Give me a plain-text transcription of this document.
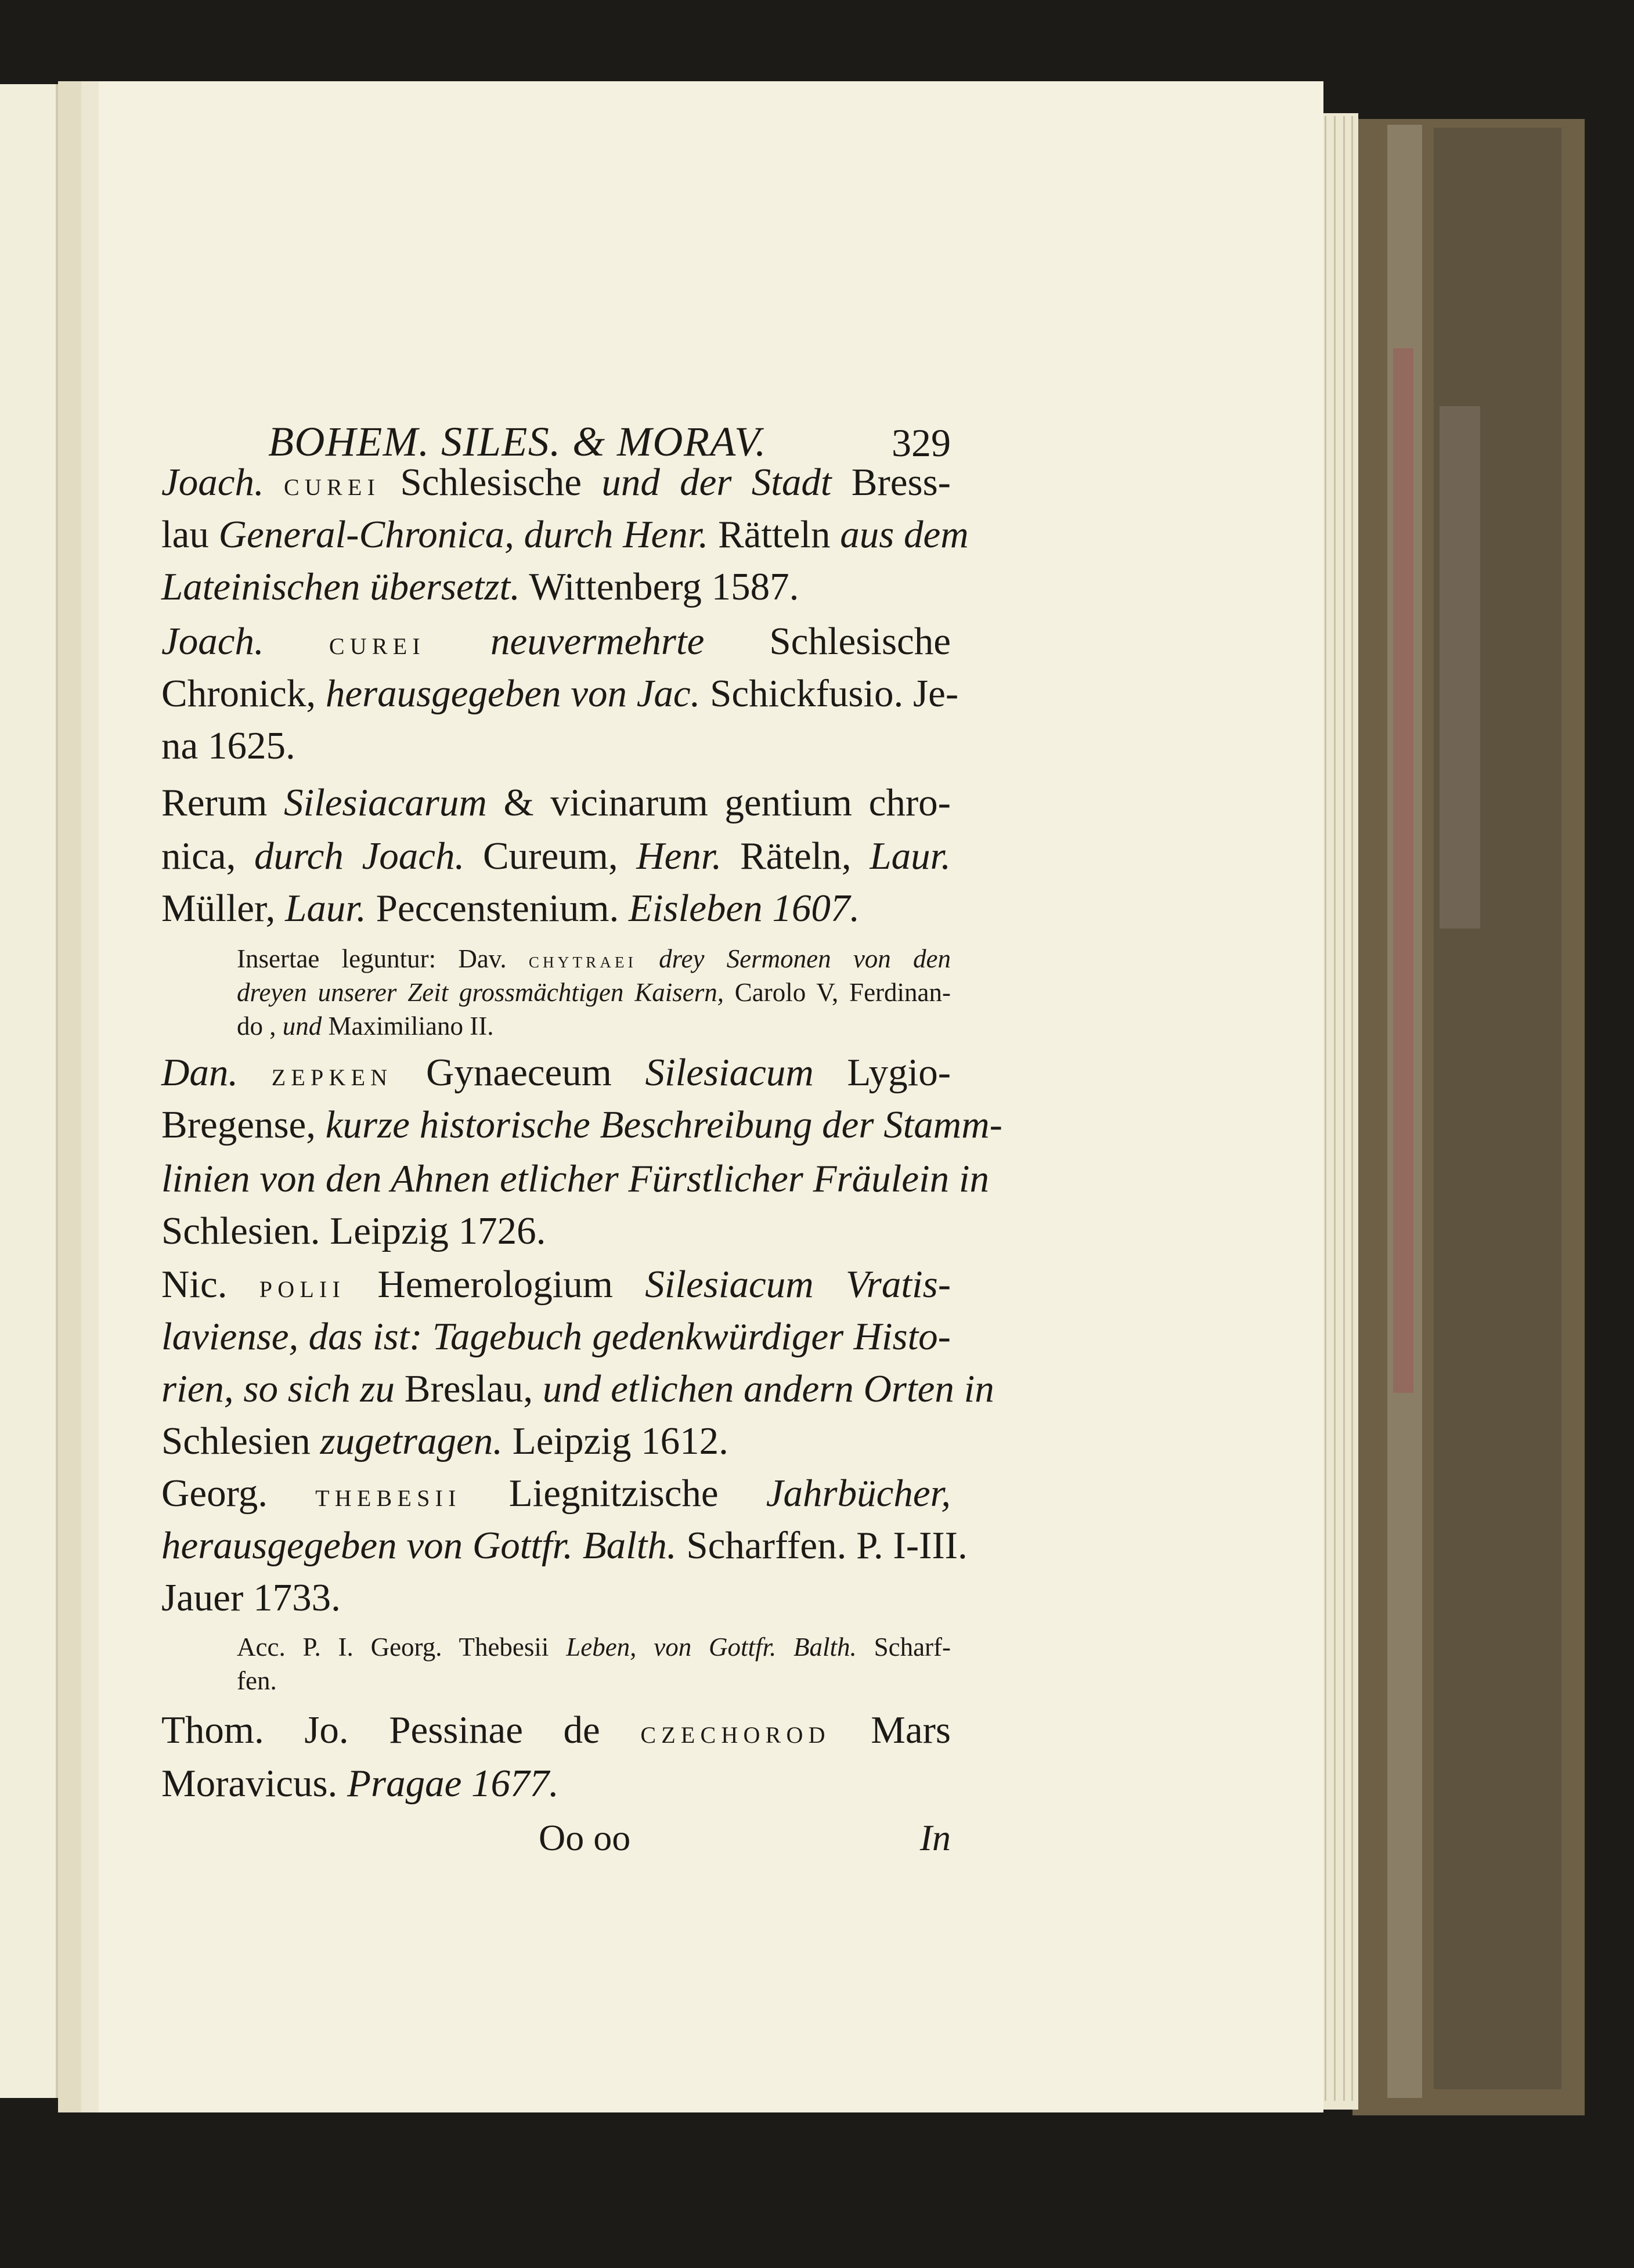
BOHEM. SILES. & MORAV.	329
Joach. curei Schlesische und der Stadt Bress-
lau General-Chronica, durch Henr. Rätteln aus dem
Lateinischen übersetzt. Wittenberg 1587.
Joach. curei neuvermehrte Schlesische
Chronick, herausgegeben von Jac. Schickfusio. Je-
na 1625.
Rerum Silesiacarum & vicinarum gentium chro-
nica, durch Joach. Cureum, Henr. Räteln, Laur.
Müller, Laur. Peccenstenium. Eisleben 1607.
Insertae leguntur: Dav. chytraei drey Sermonen von den
dreyen unserer Zeit grossmächtigen Kaisern, Carolo V, Ferdinan-
do , und Maximiliano II.
Dan. zepken Gynaeceum Silesiacum Lygio-
Bregense, kurze historische Beschreibung der Stamm-
linien von den Ahnen etlicher Fürstlicher Fräulein in
Schlesien. Leipzig 1726.
Nic. polii Hemerologium Silesiacum Vratis-
laviense, das ist: Tagebuch gedenkwürdiger Histo-
rien, so sich zu Breslau, und etlichen andern Orten in
Schlesien zugetragen. Leipzig 1612.
Georg. thebesii Liegnitzische Jahrbücher,
herausgegeben von Gottfr. Balth. Scharffen. P. I-III.
Jauer 1733.
Acc. P. I. Georg. Thebesii Leben, von Gottfr. Balth. Scharf-
fen.
Thom. Jo. Pessinae de czechorod Mars
Moravicus. Pragae 1677.
Oo oo	In
